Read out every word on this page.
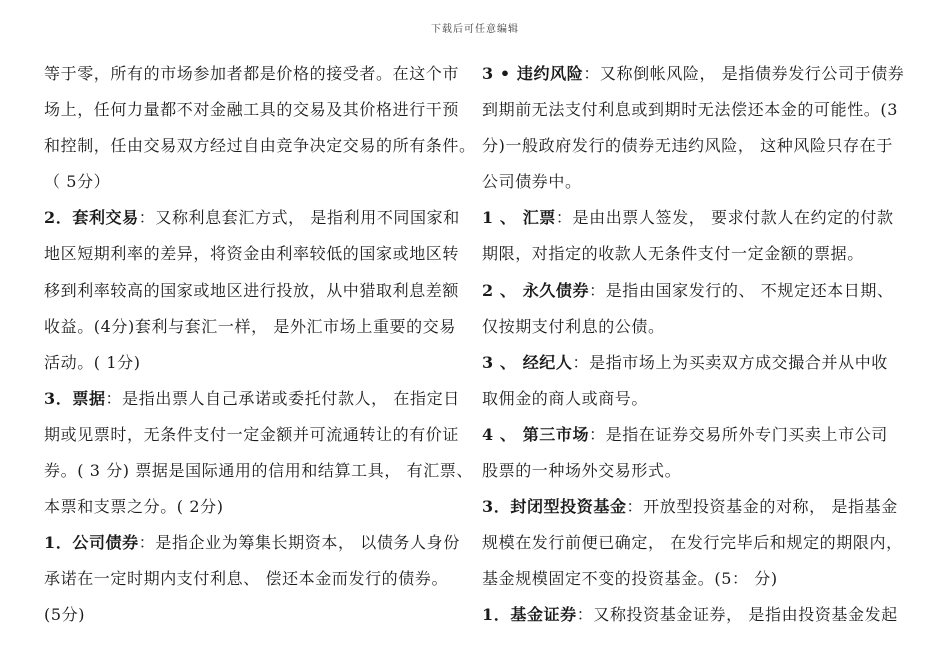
下载后可任意编辑
等于零，所有的市场参加者都是价格的接受者。在这个市
场上，任何力量都不对金融工具的交易及其价格进行干预
和控制，任由交易双方经过自由竞争决定交易的所有条件。
（ 5分）
2．套利交易：又称利息套汇方式， 是指利用不同国家和
地区短期利率的差异，将资金由利率较低的国家或地区转
移到利率较高的国家或地区进行投放，从中猎取利息差额
收益。(4分)套利与套汇一样， 是外汇市场上重要的交易
活动。( 1分)
3．票据：是指出票人自己承诺或委托付款人， 在指定日
期或见票时，无条件支付一定金额并可流通转让的有价证
券。( 3 分) 票据是国际通用的信用和结算工具， 有汇票、
本票和支票之分。( 2分)
1．公司债券：是指企业为筹集长期资本， 以债务人身份
承诺在一定时期内支付利息、 偿还本金而发行的债券。
(5分)
3 • 违约风险：又称倒帐风险， 是指债券发行公司于债券
到期前无法支付利息或到期时无法偿还本金的可能性。(3
分)一般政府发行的债券无违约风险， 这种风险只存在于
公司债券中。
1 、 汇票：是由出票人签发， 要求付款人在约定的付款
期限，对指定的收款人无条件支付一定金额的票据。
2 、 永久债券：是指由国家发行的、 不规定还本日期、
仅按期支付利息的公债。
3 、 经纪人：是指市场上为买卖双方成交撮合并从中收
取佣金的商人或商号。
4 、 第三市场：是指在证券交易所外专门买卖上市公司
股票的一种场外交易形式。
3．封闭型投资基金：开放型投资基金的对称， 是指基金
规模在发行前便已确定， 在发行完毕后和规定的期限内，
基金规模固定不变的投资基金。(5： 分)
1．基金证券：又称投资基金证券， 是指由投资基金发起
